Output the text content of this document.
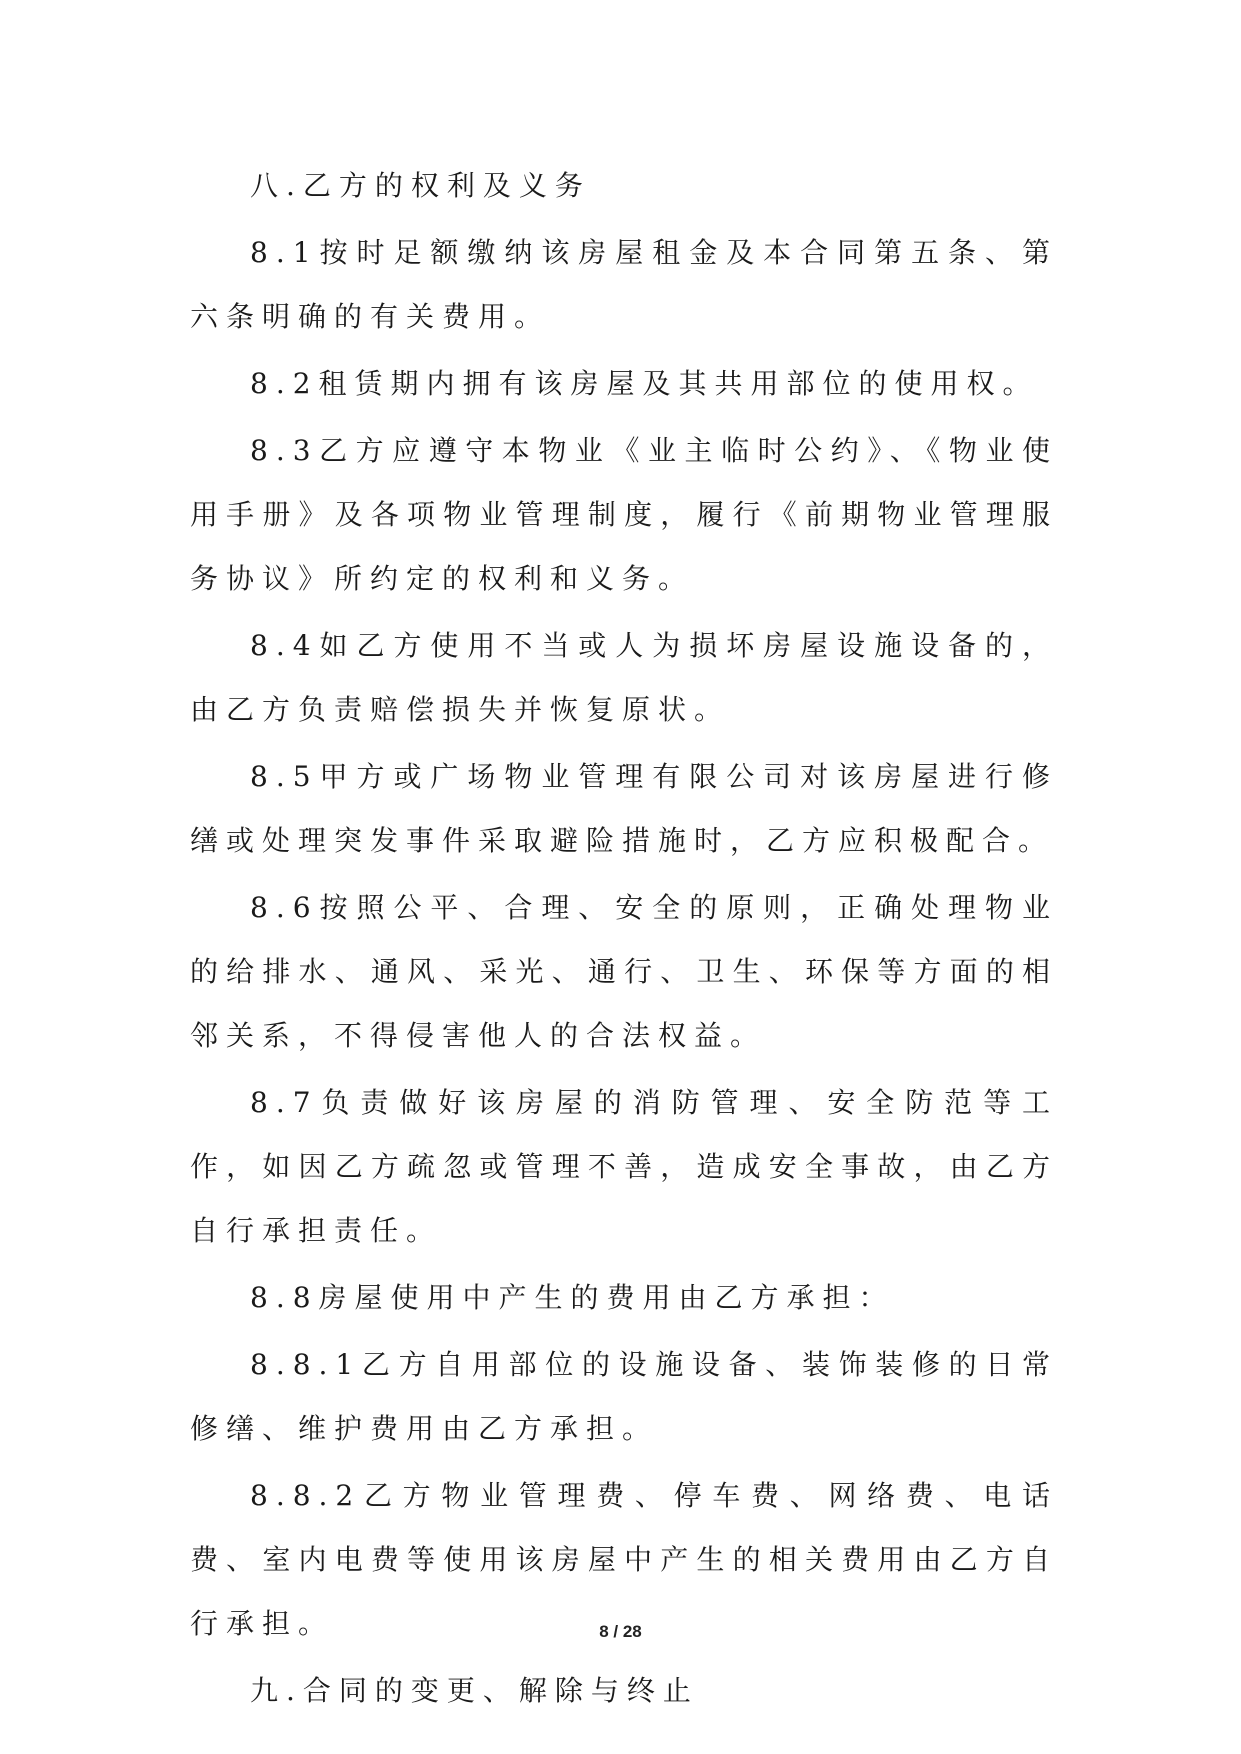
八.乙方的权利及义务

8.1按时足额缴纳该房屋租金及本合同第五条、第六条明确的有关费用。

8.2租赁期内拥有该房屋及其共用部位的使用权。

8.3乙方应遵守本物业《业主临时公约》、《物业使用手册》及各项物业管理制度，履行《前期物业管理服务协议》所约定的权利和义务。

8.4如乙方使用不当或人为损坏房屋设施设备的，由乙方负责赔偿损失并恢复原状。

8.5甲方或广场物业管理有限公司对该房屋进行修缮或处理突发事件采取避险措施时，乙方应积极配合。

8.6按照公平、合理、安全的原则，正确处理物业的给排水、通风、采光、通行、卫生、环保等方面的相邻关系，不得侵害他人的合法权益。

8.7负责做好该房屋的消防管理、安全防范等工作，如因乙方疏忽或管理不善，造成安全事故，由乙方自行承担责任。

8.8房屋使用中产生的费用由乙方承担：

8.8.1乙方自用部位的设施设备、装饰装修的日常修缮、维护费用由乙方承担。

8.8.2乙方物业管理费、停车费、网络费、电话费、室内电费等使用该房屋中产生的相关费用由乙方自行承担。

九.合同的变更、解除与终止

8 / 28
